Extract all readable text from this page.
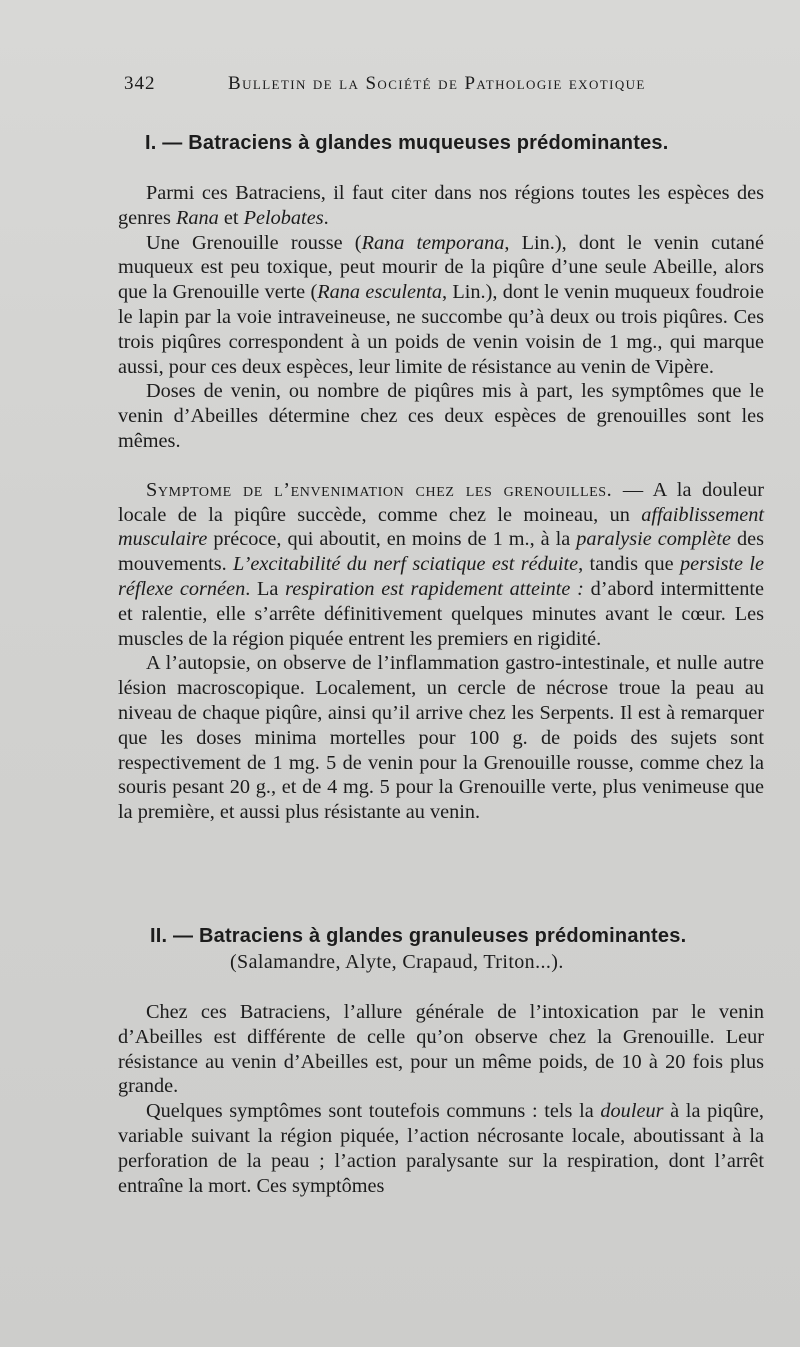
342	Bulletin de la Société de Pathologie exotique
I. — Batraciens à glandes muqueuses prédominantes.

Parmi ces Batraciens, il faut citer dans nos régions toutes les espèces des genres Rana et Pelobates.

Une Grenouille rousse (Rana temporana, Lin.), dont le venin cutané muqueux est peu toxique, peut mourir de la piqûre d’une seule Abeille, alors que la Grenouille verte (Rana esculenta, Lin.), dont le venin muqueux foudroie le lapin par la voie intraveineuse, ne succombe qu’à deux ou trois piqûres. Ces trois piqûres correspondent à un poids de venin voisin de 1 mg., qui marque aussi, pour ces deux espèces, leur limite de résistance au venin de Vipère.

Doses de venin, ou nombre de piqûres mis à part, les symptômes que le venin d’Abeilles détermine chez ces deux espèces de grenouilles sont les mêmes.

Symptome de l’envenimation chez les grenouilles. — A la douleur locale de la piqûre succède, comme chez le moineau, un affaiblissement musculaire précoce, qui aboutit, en moins de 1 m., à la paralysie complète des mouvements. L’excitabilité du nerf sciatique est réduite, tandis que persiste le réflexe cornéen. La respiration est rapidement atteinte : d’abord intermittente et ralentie, elle s’arrête définitivement quelques minutes avant le cœur. Les muscles de la région piquée entrent les premiers en rigidité.

A l’autopsie, on observe de l’inflammation gastro-intestinale, et nulle autre lésion macroscopique. Localement, un cercle de nécrose troue la peau au niveau de chaque piqûre, ainsi qu’il arrive chez les Serpents. Il est à remarquer que les doses minima mortelles pour 100 g. de poids des sujets sont respectivement de 1 mg. 5 de venin pour la Grenouille rousse, comme chez la souris pesant 20 g., et de 4 mg. 5 pour la Grenouille verte, plus venimeuse que la première, et aussi plus résistante au venin.

II. — Batraciens à glandes granuleuses prédominantes.
(Salamandre, Alyte, Crapaud, Triton...).

Chez ces Batraciens, l’allure générale de l’intoxication par le venin d’Abeilles est différente de celle qu’on observe chez la Grenouille. Leur résistance au venin d’Abeilles est, pour un même poids, de 10 à 20 fois plus grande.

Quelques symptômes sont toutefois communs : tels la douleur à la piqûre, variable suivant la région piquée, l’action nécrosante locale, aboutissant à la perforation de la peau ; l’action paralysante sur la respiration, dont l’arrêt entraîne la mort. Ces symptômes
